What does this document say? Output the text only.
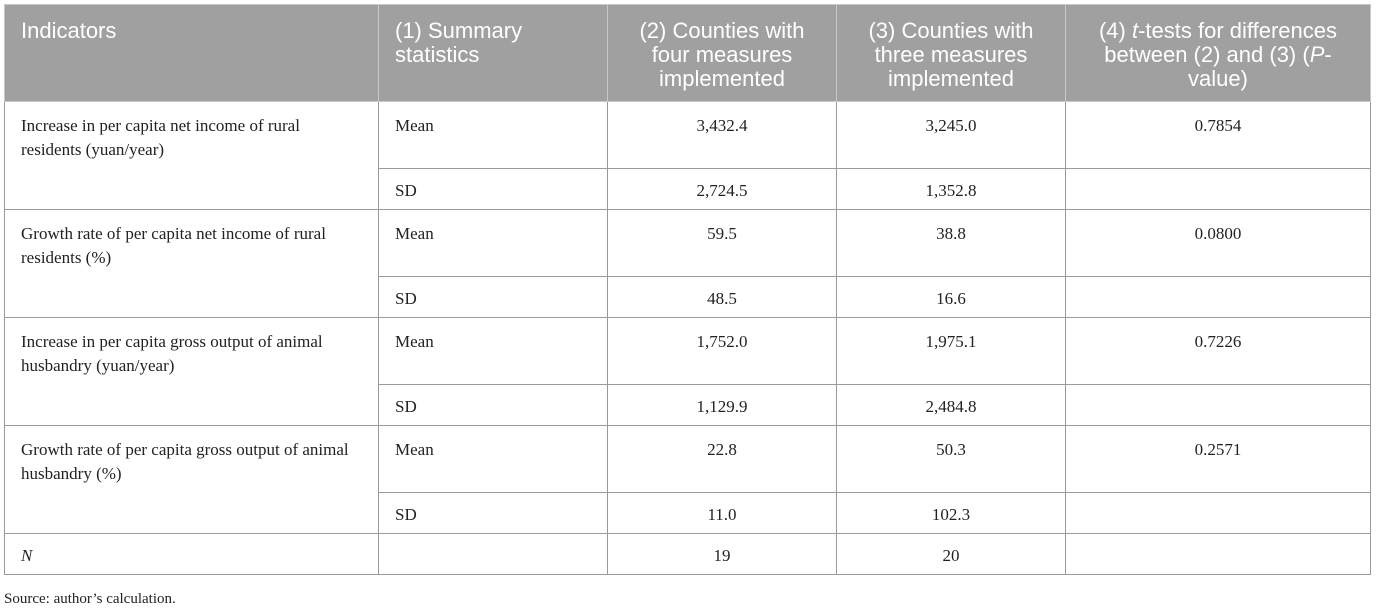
Indicators	(1) Summary statistics	(2) Counties with four measures implemented	(3) Counties with three measures implemented	(4) t-tests for differences between (2) and (3) (P-value)
Increase in per capita net income of rural residents (yuan/year)	Mean	3,432.4	3,245.0	0.7854
	SD	2,724.5	1,352.8	
Growth rate of per capita net income of rural residents (%)	Mean	59.5	38.8	0.0800
	SD	48.5	16.6	
Increase in per capita gross output of animal husbandry (yuan/year)	Mean	1,752.0	1,975.1	0.7226
	SD	1,129.9	2,484.8	
Growth rate of per capita gross output of animal husbandry (%)	Mean	22.8	50.3	0.2571
	SD	11.0	102.3	
N		19	20	
Source: author’s calculation.
